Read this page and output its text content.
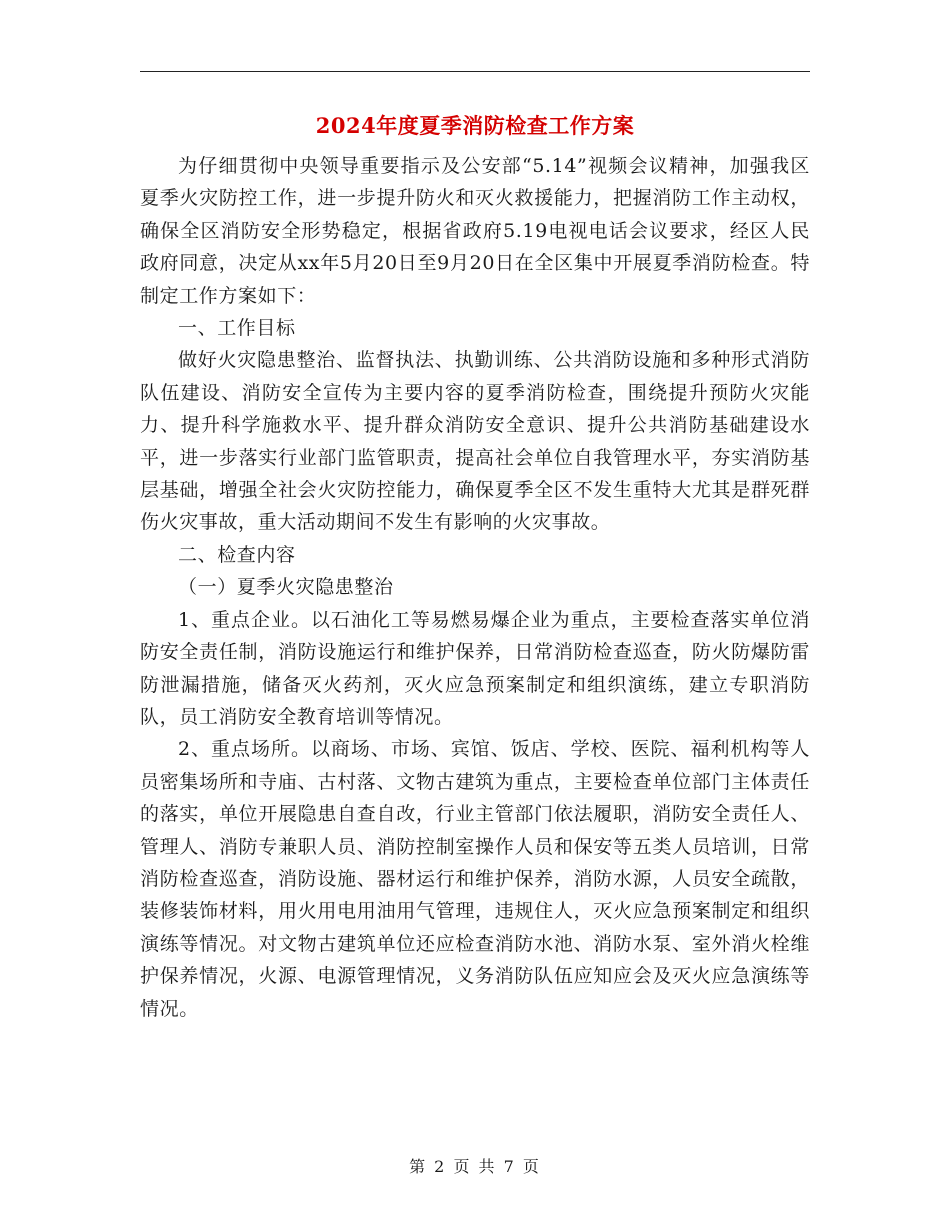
2024年度夏季消防检查工作方案

为仔细贯彻中央领导重要指示及公安部“5.14”视频会议精神，加强我区夏季火灾防控工作，进一步提升防火和灭火救援能力，把握消防工作主动权，确保全区消防安全形势稳定，根据省政府5.19电视电话会议要求，经区人民政府同意，决定从xx年5月20日至9月20日在全区集中开展夏季消防检查。特制定工作方案如下：

一、工作目标

做好火灾隐患整治、监督执法、执勤训练、公共消防设施和多种形式消防队伍建设、消防安全宣传为主要内容的夏季消防检查，围绕提升预防火灾能力、提升科学施救水平、提升群众消防安全意识、提升公共消防基础建设水平，进一步落实行业部门监管职责，提高社会单位自我管理水平，夯实消防基层基础，增强全社会火灾防控能力，确保夏季全区不发生重特大尤其是群死群伤火灾事故，重大活动期间不发生有影响的火灾事故。

二、检查内容

（一）夏季火灾隐患整治

1、重点企业。以石油化工等易燃易爆企业为重点，主要检查落实单位消防安全责任制，消防设施运行和维护保养，日常消防检查巡查，防火防爆防雷防泄漏措施，储备灭火药剂，灭火应急预案制定和组织演练，建立专职消防队，员工消防安全教育培训等情况。

2、重点场所。以商场、市场、宾馆、饭店、学校、医院、福利机构等人员密集场所和寺庙、古村落、文物古建筑为重点，主要检查单位部门主体责任的落实，单位开展隐患自查自改，行业主管部门依法履职，消防安全责任人、管理人、消防专兼职人员、消防控制室操作人员和保安等五类人员培训，日常消防检查巡查，消防设施、器材运行和维护保养，消防水源，人员安全疏散，装修装饰材料，用火用电用油用气管理，违规住人，灭火应急预案制定和组织演练等情况。对文物古建筑单位还应检查消防水池、消防水泵、室外消火栓维护保养情况，火源、电源管理情况，义务消防队伍应知应会及灭火应急演练等情况。

第 2 页 共 7 页
